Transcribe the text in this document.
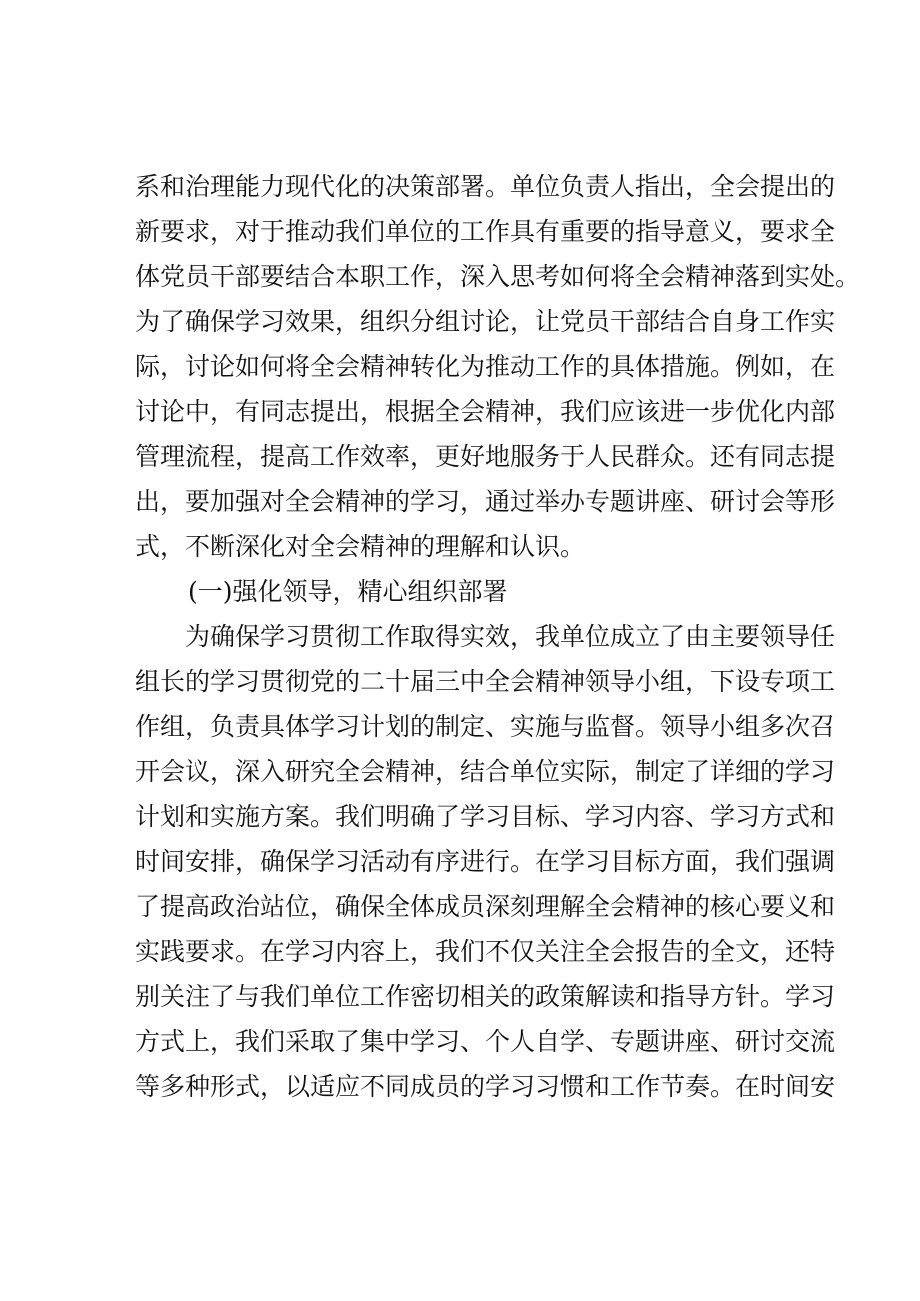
系和治理能力现代化的决策部署。单位负责人指出，全会提出的
新要求，对于推动我们单位的工作具有重要的指导意义，要求全
体党员干部要结合本职工作，深入思考如何将全会精神落到实处。
为了确保学习效果，组织分组讨论，让党员干部结合自身工作实
际，讨论如何将全会精神转化为推动工作的具体措施。例如，在
讨论中，有同志提出，根据全会精神，我们应该进一步优化内部
管理流程，提高工作效率，更好地服务于人民群众。还有同志提
出，要加强对全会精神的学习，通过举办专题讲座、研讨会等形
式，不断深化对全会精神的理解和认识。
(一)强化领导，精心组织部署
为确保学习贯彻工作取得实效，我单位成立了由主要领导任
组长的学习贯彻党的二十届三中全会精神领导小组，下设专项工
作组，负责具体学习计划的制定、实施与监督。领导小组多次召
开会议，深入研究全会精神，结合单位实际，制定了详细的学习
计划和实施方案。我们明确了学习目标、学习内容、学习方式和
时间安排，确保学习活动有序进行。在学习目标方面，我们强调
了提高政治站位，确保全体成员深刻理解全会精神的核心要义和
实践要求。在学习内容上，我们不仅关注全会报告的全文，还特
别关注了与我们单位工作密切相关的政策解读和指导方针。学习
方式上，我们采取了集中学习、个人自学、专题讲座、研讨交流
等多种形式，以适应不同成员的学习习惯和工作节奏。在时间安
